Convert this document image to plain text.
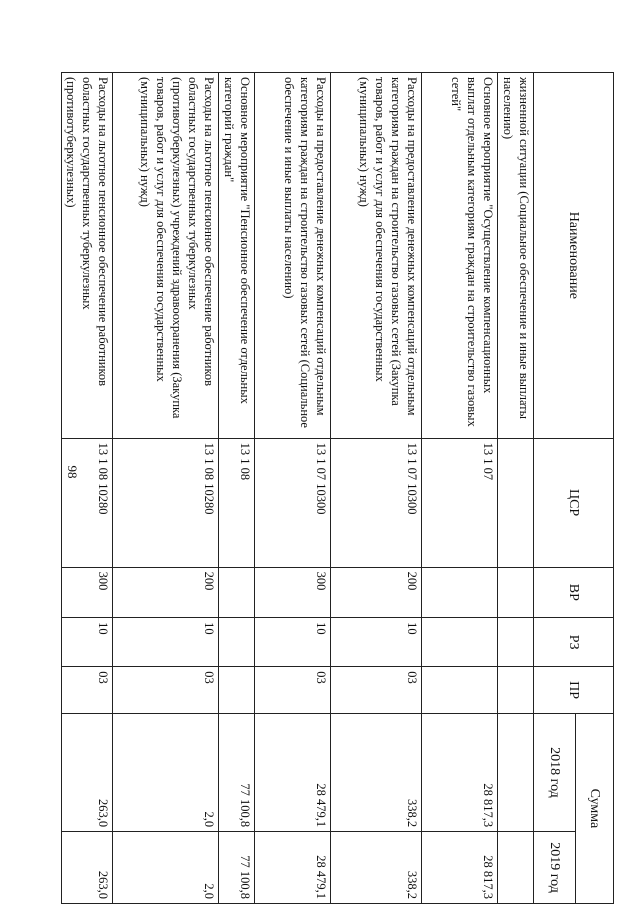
98
Наименование	ЦСР	ВР	РЗ	ПР	Сумма	
					2018 год	2019 год
жизненной ситуации (Социальное обеспечение и иные выплаты населению)						
Основное мероприятие "Осуществление компенсационных выплат отдельным категориям граждан на строительство газовых сетей"	13 1 07				28 817,3	28 817,3
Расходы на предоставление денежных компенсаций отдельным категориям граждан на строительство газовых сетей (Закупка товаров, работ и услуг для обеспечения государственных (муниципальных) нужд)	13 1 07 10300	200	10	03	338,2	338,2
Расходы на предоставление денежных компенсаций отдельным категориям граждан на строительство газовых сетей (Социальное обеспечение и иные выплаты населению)	13 1 07 10300	300	10	03	28 479,1	28 479,1
Основное мероприятие "Пенсионное обеспечение отдельных категорий граждан"	13 1 08				77 100,8	77 100,8
Расходы на льготное пенсионное обеспечение работников областных государственных туберкулезных (противотуберкулезных) учреждений здравоохранения (Закупка товаров, работ и услуг для обеспечения государственных (муниципальных) нужд)	13 1 08 10280	200	10	03	2,0	2,0
Расходы на льготное пенсионное обеспечение работников областных государственных туберкулезных (противотуберкулезных)	13 1 08 10280	300	10	03	263,0	263,0
